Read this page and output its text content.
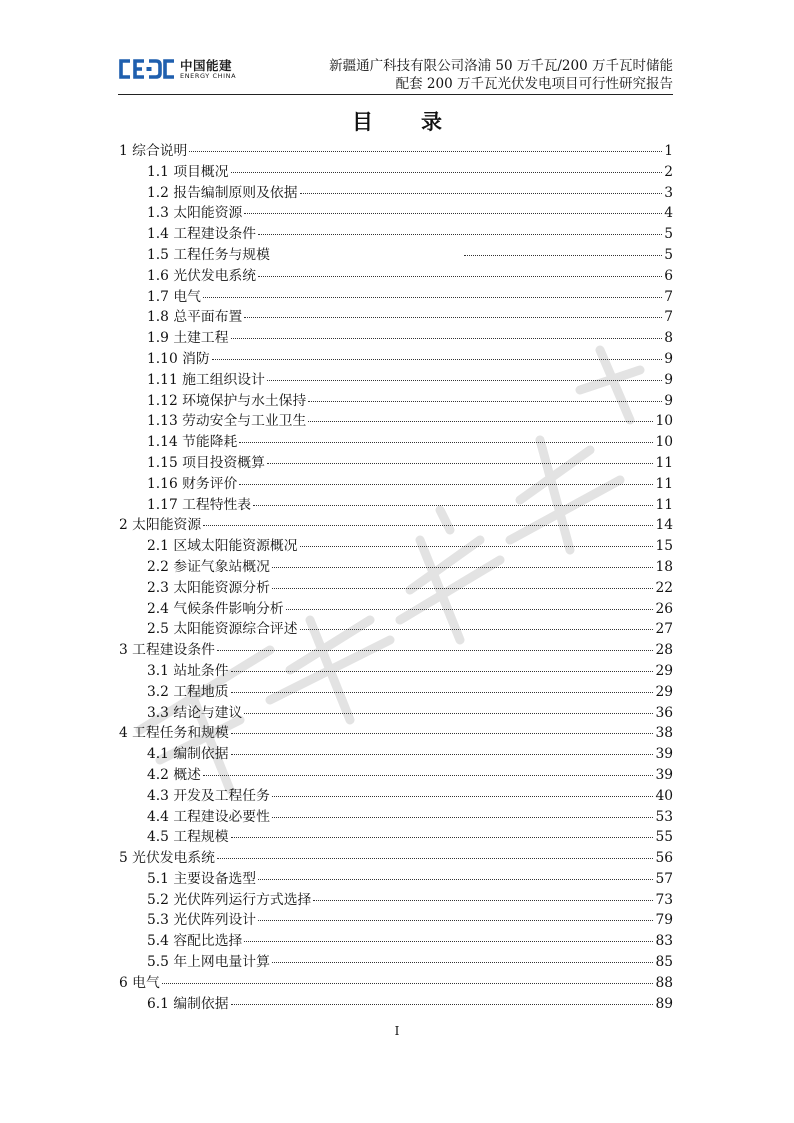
中国能建
ENERGY CHINA
新疆通广科技有限公司洛浦 50 万千瓦/200 万千瓦时储能
配套 200 万千瓦光伏发电项目可行性研究报告
目 录
1 综合说明	1
1.1 项目概况	2
1.2 报告编制原则及依据	3
1.3 太阳能资源	4
1.4 工程建设条件	5
1.5 工程任务与规模	5
1.6 光伏发电系统	6
1.7 电气	7
1.8 总平面布置	7
1.9 土建工程	8
1.10 消防	9
1.11 施工组织设计	9
1.12 环境保护与水土保持	9
1.13 劳动安全与工业卫生	10
1.14 节能降耗	10
1.15 项目投资概算	11
1.16 财务评价	11
1.17 工程特性表	11
2 太阳能资源	14
2.1 区域太阳能资源概况	15
2.2 参证气象站概况	18
2.3 太阳能资源分析	22
2.4 气候条件影响分析	26
2.5 太阳能资源综合评述	27
3 工程建设条件	28
3.1 站址条件	29
3.2 工程地质	29
3.3 结论与建议	36
4 工程任务和规模	38
4.1 编制依据	39
4.2 概述	39
4.3 开发及工程任务	40
4.4 工程建设必要性	53
4.5 工程规模	55
5 光伏发电系统	56
5.1 主要设备选型	57
5.2 光伏阵列运行方式选择	73
5.3 光伏阵列设计	79
5.4 容配比选择	83
5.5 年上网电量计算	85
6 电气	88
6.1 编制依据	89
I
